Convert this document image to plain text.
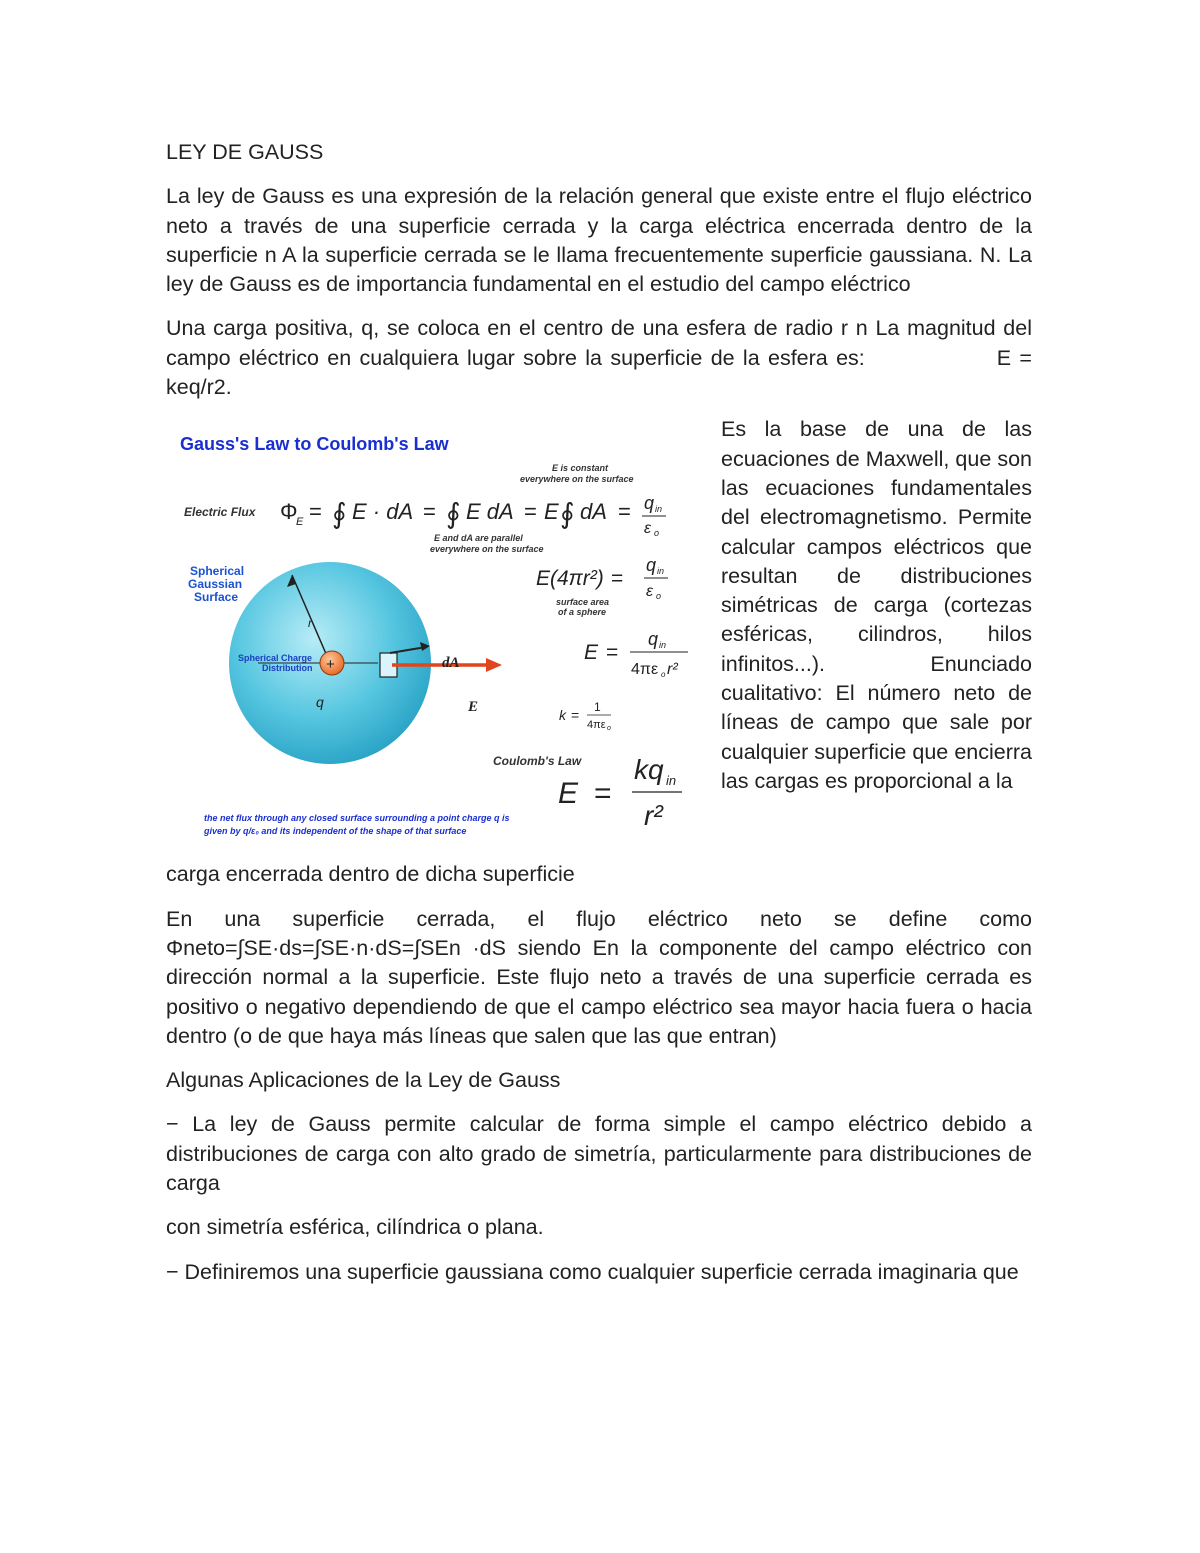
LEY DE GAUSS

La ley de Gauss es una expresión de la relación general que existe entre el flujo eléctrico neto a través de una superficie cerrada y la carga eléctrica encerrada dentro de la superficie n A la superficie cerrada se le llama frecuentemente superficie gaussiana. N. La ley de Gauss es de importancia fundamental en el estudio del campo eléctrico

Una carga positiva, q, se coloca en el centro de una esfera de radio r n La magnitud del campo eléctrico en cualquiera lugar sobre la superficie de la esfera es:	E = keq/r2.

Gauss's Law to Coulomb's Law
E is constant
everywhere on the surface
Electric Flux Φ
E = ∮ E · dA = ∮ E dA = E ∮ dA = q in
ε o
E and dA are parallel
everywhere on the surface
Spherical
Gaussian
Surface
E(4πr²) =
q in
ε o
surface area
of a sphere
r
Spherical Charge
Distribution +
q
dA
E
E =
q in
4πε o r²
k = 1
4πε o
Coulomb's Law
E =
kq in
r²
the net flux through any closed surface surrounding a point charge q is
given by q/ε₀ and its independent of the shape of that surface

Es la base de una de las ecuaciones de Maxwell, que son las ecuaciones fundamentales del electromagnetismo. Permite calcular campos eléctricos que resultan de distribuciones simétricas de carga (cortezas esféricas, cilindros, hilos infinitos...). Enunciado cualitativo: El número neto de líneas de campo que sale por cualquier superficie que encierra las cargas es proporcional a la

carga encerrada dentro de dicha superficie

En una superficie cerrada, el flujo eléctrico neto se define como Φneto=∫SE·ds=∫SE·n·dS=∫SEn ·dS siendo En la componente del campo eléctrico con dirección normal a la superficie. Este flujo neto a través de una superficie cerrada es positivo o negativo dependiendo de que el campo eléctrico sea mayor hacia fuera o hacia dentro (o de que haya más líneas que salen que las que entran)

Algunas Aplicaciones de la Ley de Gauss

− La ley de Gauss permite calcular de forma simple el campo eléctrico debido a distribuciones de carga con alto grado de simetría, particularmente para distribuciones de carga

con simetría esférica, cilíndrica o plana.

− Definiremos una superficie gaussiana como cualquier superficie cerrada imaginaria que
